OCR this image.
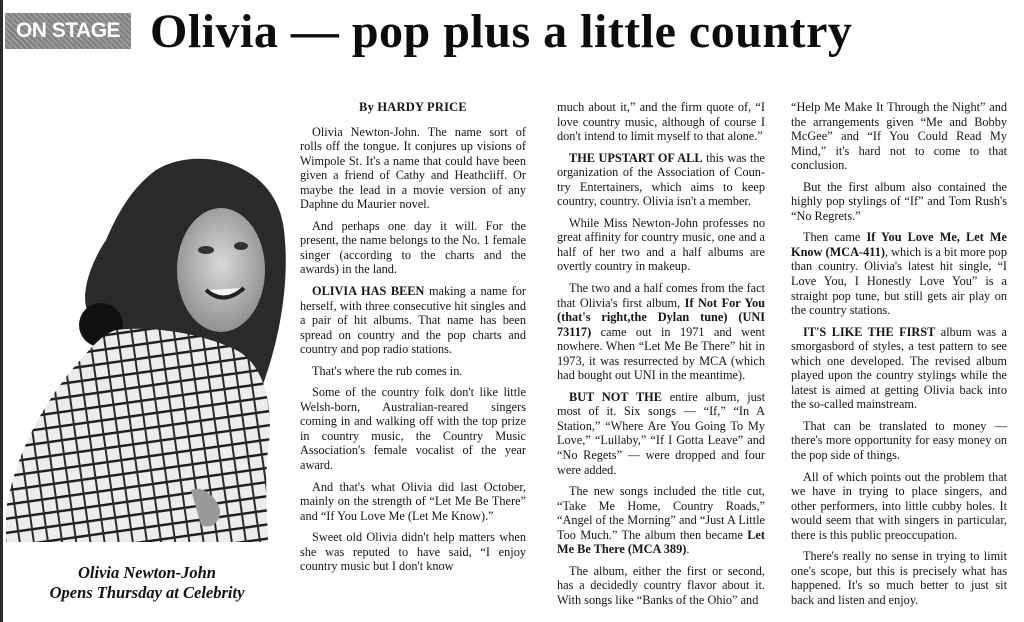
ON STAGE Olivia — pop plus a little country
Olivia Newton-John
Opens Thursday at Celebrity
By HARDY PRICE

Olivia Newton-John. The name sort of rolls off the tongue. It conjures up visions of Wimpole St. It's a name that could have been given a friend of Cathy and Heathcliff. Or maybe the lead in a movie version of any Daphne du Maurier novel.

And perhaps one day it will. For the present, the name belongs to the No. 1 female singer (according to the charts and the awards) in the land.

OLIVIA HAS BEEN making a name for herself, with three consecutive hit singles and a pair of hit albums. That name has been spread on country and the pop charts and country and pop radio stations.

That's where the rub comes in.

Some of the country folk don't like little Welsh-born, Australian-reared singers coming in and walking off with the top prize in country music, the Country Music Association's female vocalist of the year award.

And that's what Olivia did last October, mainly on the strength of “Let Me Be There” and “If You Love Me (Let Me Know).”

Sweet old Olivia didn't help matters when she was reputed to have said, “I enjoy country music but I don't know

much about it,” and the firm quote of, “I love country music, although of course I don't intend to limit myself to that alone.”

THE UPSTART OF ALL this was the organization of the Association of Country Entertainers, which aims to keep country, country. Olivia isn't a member.

While Miss Newton-John professes no great affinity for country music, one and a half of her two and a half albums are overtly country in makeup.

The two and a half comes from the fact that Olivia's first album, If Not For You (that's right,the Dylan tune) (UNI 73117) came out in 1971 and went nowhere. When “Let Me Be There” hit in 1973, it was resurrected by MCA (which had bought out UNI in the meantime).

BUT NOT THE entire album, just most of it. Six songs — “If,” “In A Station,” “Where Are You Going To My Love,” “Lullaby,” “If I Gotta Leave” and “No Regets” — were dropped and four were added.

The new songs included the title cut, “Take Me Home, Country Roads,” “Angel of the Morning” and “Just A Little Too Much.” The album then became Let Me Be There (MCA 389).

The album, either the first or second, has a decidedly country flavor about it. With songs like “Banks of the Ohio” and

“Help Me Make It Through the Night” and the arrangements given “Me and Bobby McGee” and “If You Could Read My Mind,” it's hard not to come to that conclusion.

But the first album also contained the highly pop stylings of “If” and Tom Rush's “No Regrets.”

Then came If You Love Me, Let Me Know (MCA-411), which is a bit more pop than country. Olivia's latest hit single, “I Love You, I Honestly Love You” is a straight pop tune, but still gets air play on the country stations.

IT'S LIKE THE FIRST album was a smorgasbord of styles, a test pattern to see which one developed. The revised album played upon the country stylings while the latest is aimed at getting Olivia back into the so-called mainstream.

That can be translated to money — there's more opportunity for easy money on the pop side of things.

All of which points out the problem that we have in trying to place singers, and other performers, into little cubby holes. It would seem that with singers in particular, there is this public preoccupation.

There's really no sense in trying to limit one's scope, but this is precisely what has happened. It's so much better to just sit back and listen and enjoy.
